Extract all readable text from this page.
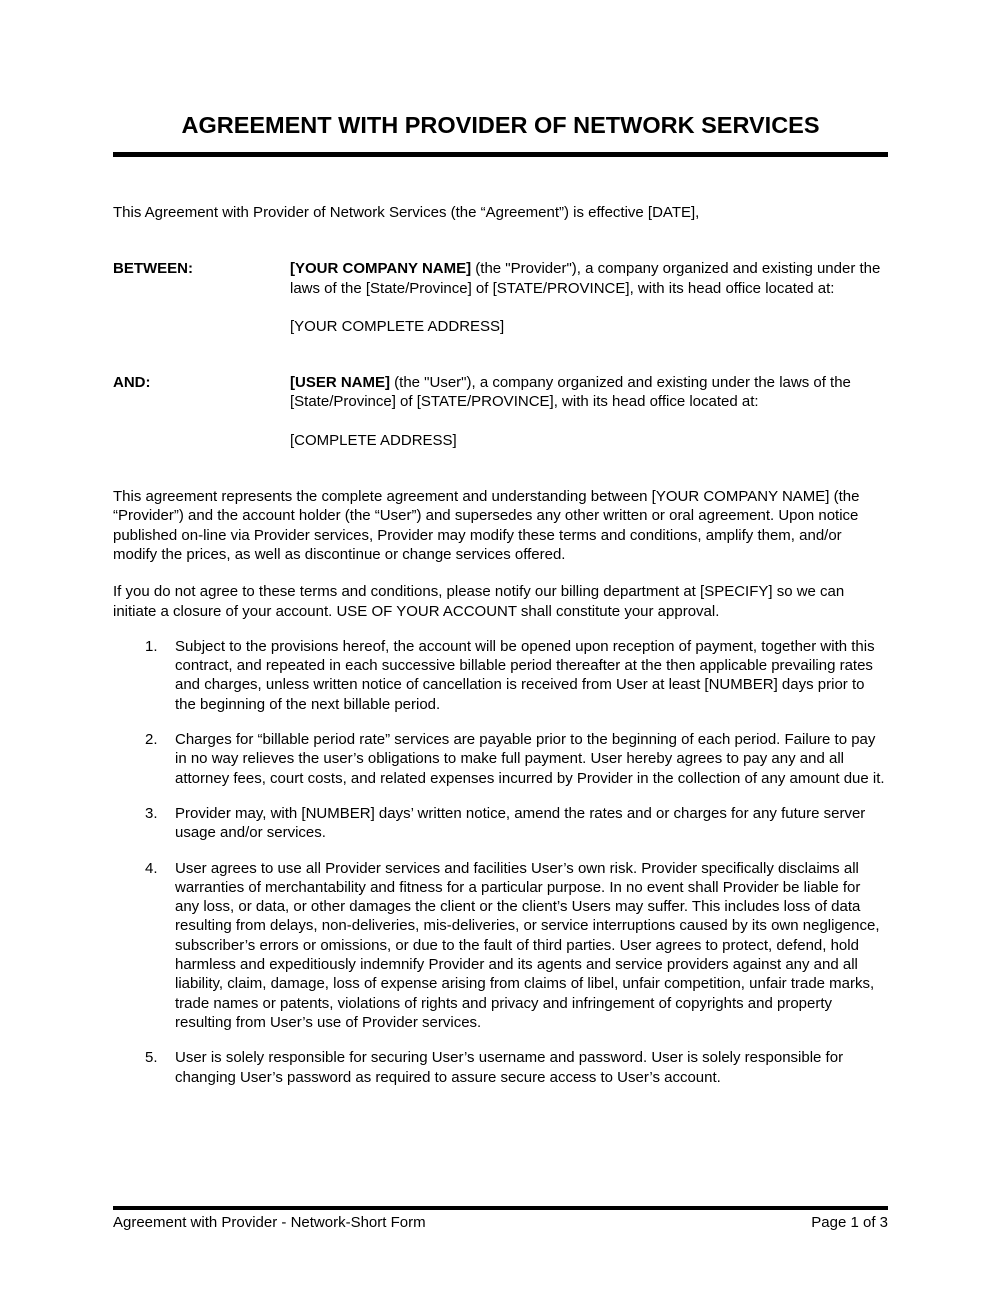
AGREEMENT WITH PROVIDER OF NETWORK SERVICES

This Agreement with Provider of Network Services (the “Agreement”) is effective [DATE],

BETWEEN:	[YOUR COMPANY NAME] (the "Provider"), a company organized and existing under the laws of the [State/Province] of [STATE/PROVINCE], with its head office located at:

[YOUR COMPLETE ADDRESS]

AND:	[USER NAME] (the "User"), a company organized and existing under the laws of the [State/Province] of [STATE/PROVINCE], with its head office located at:

[COMPLETE ADDRESS]

This agreement represents the complete agreement and understanding between [YOUR COMPANY NAME] (the “Provider”) and the account holder (the “User”) and supersedes any other written or oral agreement. Upon notice published on-line via Provider services, Provider may modify these terms and conditions, amplify them, and/or modify the prices, as well as discontinue or change services offered.

If you do not agree to these terms and conditions, please notify our billing department at [SPECIFY] so we can initiate a closure of your account. USE OF YOUR ACCOUNT shall constitute your approval.

1.	Subject to the provisions hereof, the account will be opened upon reception of payment, together with this contract, and repeated in each successive billable period thereafter at the then applicable prevailing rates and charges, unless written notice of cancellation is received from User at least [NUMBER] days prior to the beginning of the next billable period.
2.	Charges for “billable period rate” services are payable prior to the beginning of each period. Failure to pay in no way relieves the user’s obligations to make full payment. User hereby agrees to pay any and all attorney fees, court costs, and related expenses incurred by Provider in the collection of any amount due it.
3.	Provider may, with [NUMBER] days’ written notice, amend the rates and or charges for any future server usage and/or services.
4.	User agrees to use all Provider services and facilities User’s own risk. Provider specifically disclaims all warranties of merchantability and fitness for a particular purpose. In no event shall Provider be liable for any loss, or data, or other damages the client or the client’s Users may suffer. This includes loss of data resulting from delays, non-deliveries, mis-deliveries, or service interruptions caused by its own negligence, subscriber’s errors or omissions, or due to the fault of third parties. User agrees to protect, defend, hold harmless and expeditiously indemnify Provider and its agents and service providers against any and all liability, claim, damage, loss of expense arising from claims of libel, unfair competition, unfair trade marks, trade names or patents, violations of rights and privacy and infringement of copyrights and property resulting from User’s use of Provider services.
5.	User is solely responsible for securing User’s username and password. User is solely responsible for changing User’s password as required to assure secure access to User’s account.
Agreement with Provider - Network-Short Form	Page 1 of 3
